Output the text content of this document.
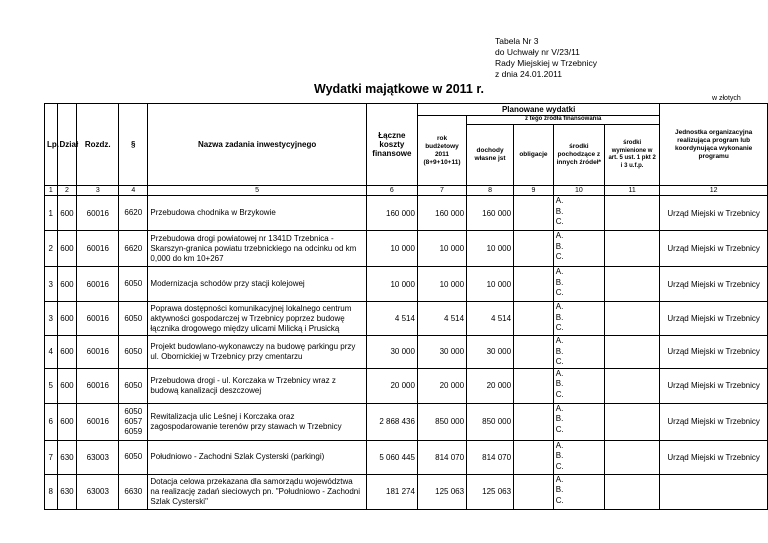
Tabela Nr 3
do Uchwały nr V/23/11
Rady Miejskiej w Trzebnicy
z dnia 24.01.2011
Wydatki majątkowe w 2011 r.
w złotych
Lp.	Dział	Rozdz.	§	Nazwa zadania inwestycyjnego	Łączne koszty finansowe	Planowane wydatki					Jednostka organizacyjna realizująca program lub koordynująca wykonanie programu
						rok budżetowy 2011 (8+9+10+11)	z tego źródła finansowania				
							dochody własne jst	obligacje	środki pochodzące z innych źródeł*	środki wymienione w art. 5 ust. 1 pkt 2 i 3 u.f.p.	
1	2	3	4	5	6	7	8	9	10	11	12
1	600	60016	6620	Przebudowa chodnika w Brzykowie	160 000	160 000	160 000		A.
B.
C.		Urząd Miejski w Trzebnicy
2	600	60016	6620	Przebudowa drogi powiatowej nr 1341D Trzebnica - Skarszyn-granica powiatu trzebnickiego na odcinku od km 0,000 do km 10+267	10 000	10 000	10 000		A.
B.
C.		Urząd Miejski w Trzebnicy
3	600	60016	6050	Modernizacja schodów przy stacji kolejowej	10 000	10 000	10 000		A.
B.
C.		Urząd Miejski w Trzebnicy
3	600	60016	6050	Poprawa dostępności komunikacyjnej lokalnego centrum aktywności gospodarczej w Trzebnicy poprzez budowę łącznika drogowego między ulicami Milicką i Prusicką	4 514	4 514	4 514		A.
B.
C.		Urząd Miejski w Trzebnicy
4	600	60016	6050	Projekt budowlano-wykonawczy na budowę parkingu przy ul. Obornickiej w Trzebnicy przy cmentarzu	30 000	30 000	30 000		A.
B.
C.		Urząd Miejski w Trzebnicy
5	600	60016	6050	Przebudowa drogi - ul. Korczaka w Trzebnicy wraz z budową kanalizacji deszczowej	20 000	20 000	20 000		A.
B.
C.		Urząd Miejski w Trzebnicy
6	600	60016	6050
6057
6059	Rewitalizacja ulic Leśnej i Korczaka oraz zagospodarowanie terenów przy stawach w Trzebnicy	2 868 436	850 000	850 000		A.
B.
C.		Urząd Miejski w Trzebnicy
7	630	63003	6050	Południowo - Zachodni Szlak Cysterski (parkingi)	5 060 445	814 070	814 070		A.
B.
C.		Urząd Miejski w Trzebnicy
8	630	63003	6630	Dotacja celowa przekazana dla samorządu województwa na realizację zadań sieciowych pn. "Południowo - Zachodni Szlak Cysterski"	181 274	125 063	125 063		A.
B.
C.		
